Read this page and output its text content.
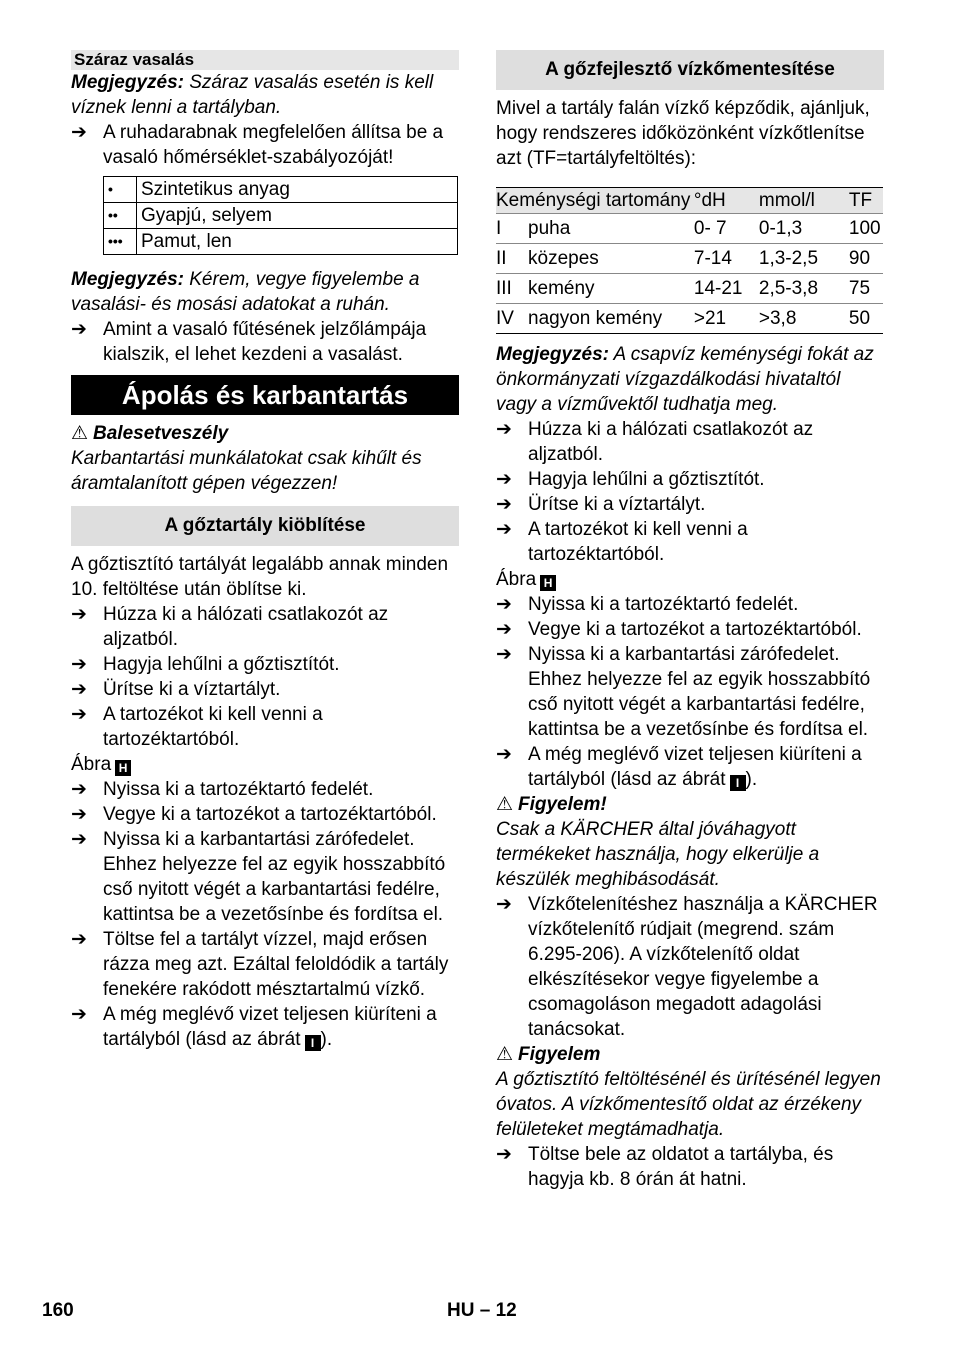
Száraz vasalás

Megjegyzés: Száraz vasalás esetén is kell víznek lenni a tartályban.

➔ A ruhadarabnak megfelelően állítsa be a vasaló hőmérséklet-szabályozóját!
•	Szintetikus anyag
••	Gyapjú, selyem
•••	Pamut, len

Megjegyzés: Kérem, vegye figyelembe a vasalási- és mosási adatokat a ruhán.

➔ Amint a vasaló fűtésének jelzőlámpája kialszik, el lehet kezdeni a vasalást.
Ápolás és karbantartás

⚠ Balesetveszély

Karbantartási munkálatokat csak kihűlt és áramtalanított gépen végezzen!

A gőztartály kiöblítése

A gőztisztító tartályát legalább annak minden 10. feltöltése után öblítse ki.

➔ Húzza ki a hálózati csatlakozót az aljzatból.
➔ Hagyja lehűlni a gőztisztítót.
➔ Ürítse ki a víztartályt.
➔ A tartozékot ki kell venni a tartozéktartóból.

Ábra H

➔ Nyissa ki a tartozéktartó fedelét.
➔ Vegye ki a tartozékot a tartozéktartóból.
➔ Nyissa ki a karbantartási zárófedelet. Ehhez helyezze fel az egyik hosszabbító cső nyitott végét a karbantartási fedélre, kattintsa be a vezetősínbe és fordítsa el.
➔ Töltse fel a tartályt vízzel, majd erősen rázza meg azt. Ezáltal feloldódik a tartály fenekére rakódott mésztartalmú vízkő.
➔ A még meglévő vizet teljesen kiüríteni a tartályból (lásd az ábrát I ).
A gőzfejlesztő vízkőmentesítése

Mivel a tartály falán vízkő képződik, ajánljuk, hogy rendszeres időközönként vízkőtlenítse azt (TF=tartályfeltöltés):

Keménységi tartomány		°dH	mmol/l	TF
I	puha	0- 7	0-1,3	100
II	közepes	7-14	1,3-2,5	90
III	kemény	14-21	2,5-3,8	75
IV	nagyon kemény	>21	>3,8	50

Megjegyzés: A csapvíz keménységi fokát az önkormányzati vízgazdálkodási hivataltól vagy a vízművektől tudhatja meg.

➔ Húzza ki a hálózati csatlakozót az aljzatból.
➔ Hagyja lehűlni a gőztisztítót.
➔ Ürítse ki a víztartályt.
➔ A tartozékot ki kell venni a tartozéktartóból.

Ábra H

➔ Nyissa ki a tartozéktartó fedelét.
➔ Vegye ki a tartozékot a tartozéktartóból.
➔ Nyissa ki a karbantartási zárófedelet. Ehhez helyezze fel az egyik hosszabbító cső nyitott végét a karbantartási fedélre, kattintsa be a vezetősínbe és fordítsa el.
➔ A még meglévő vizet teljesen kiüríteni a tartályból (lásd az ábrát I ).

⚠ Figyelem!

Csak a KÄRCHER által jóváhagyott termékeket használja, hogy elkerülje a készülék meghibásodását.

➔ Vízkőtelenítéshez használja a KÄRCHER vízkőtelenítő rúdjait (megrend. szám 6.295-206). A vízkőtelenítő oldat elkészítésekor vegye figyelembe a csomagoláson megadott adagolási tanácsokat.

⚠ Figyelem

A gőztisztító feltöltésénél és ürítésénél legyen óvatos. A vízkőmentesítő oldat az érzékeny felületeket megtámadhatja.

➔ Töltse bele az oldatot a tartályba, és hagyja kb. 8 órán át hatni.
160	HU – 12
